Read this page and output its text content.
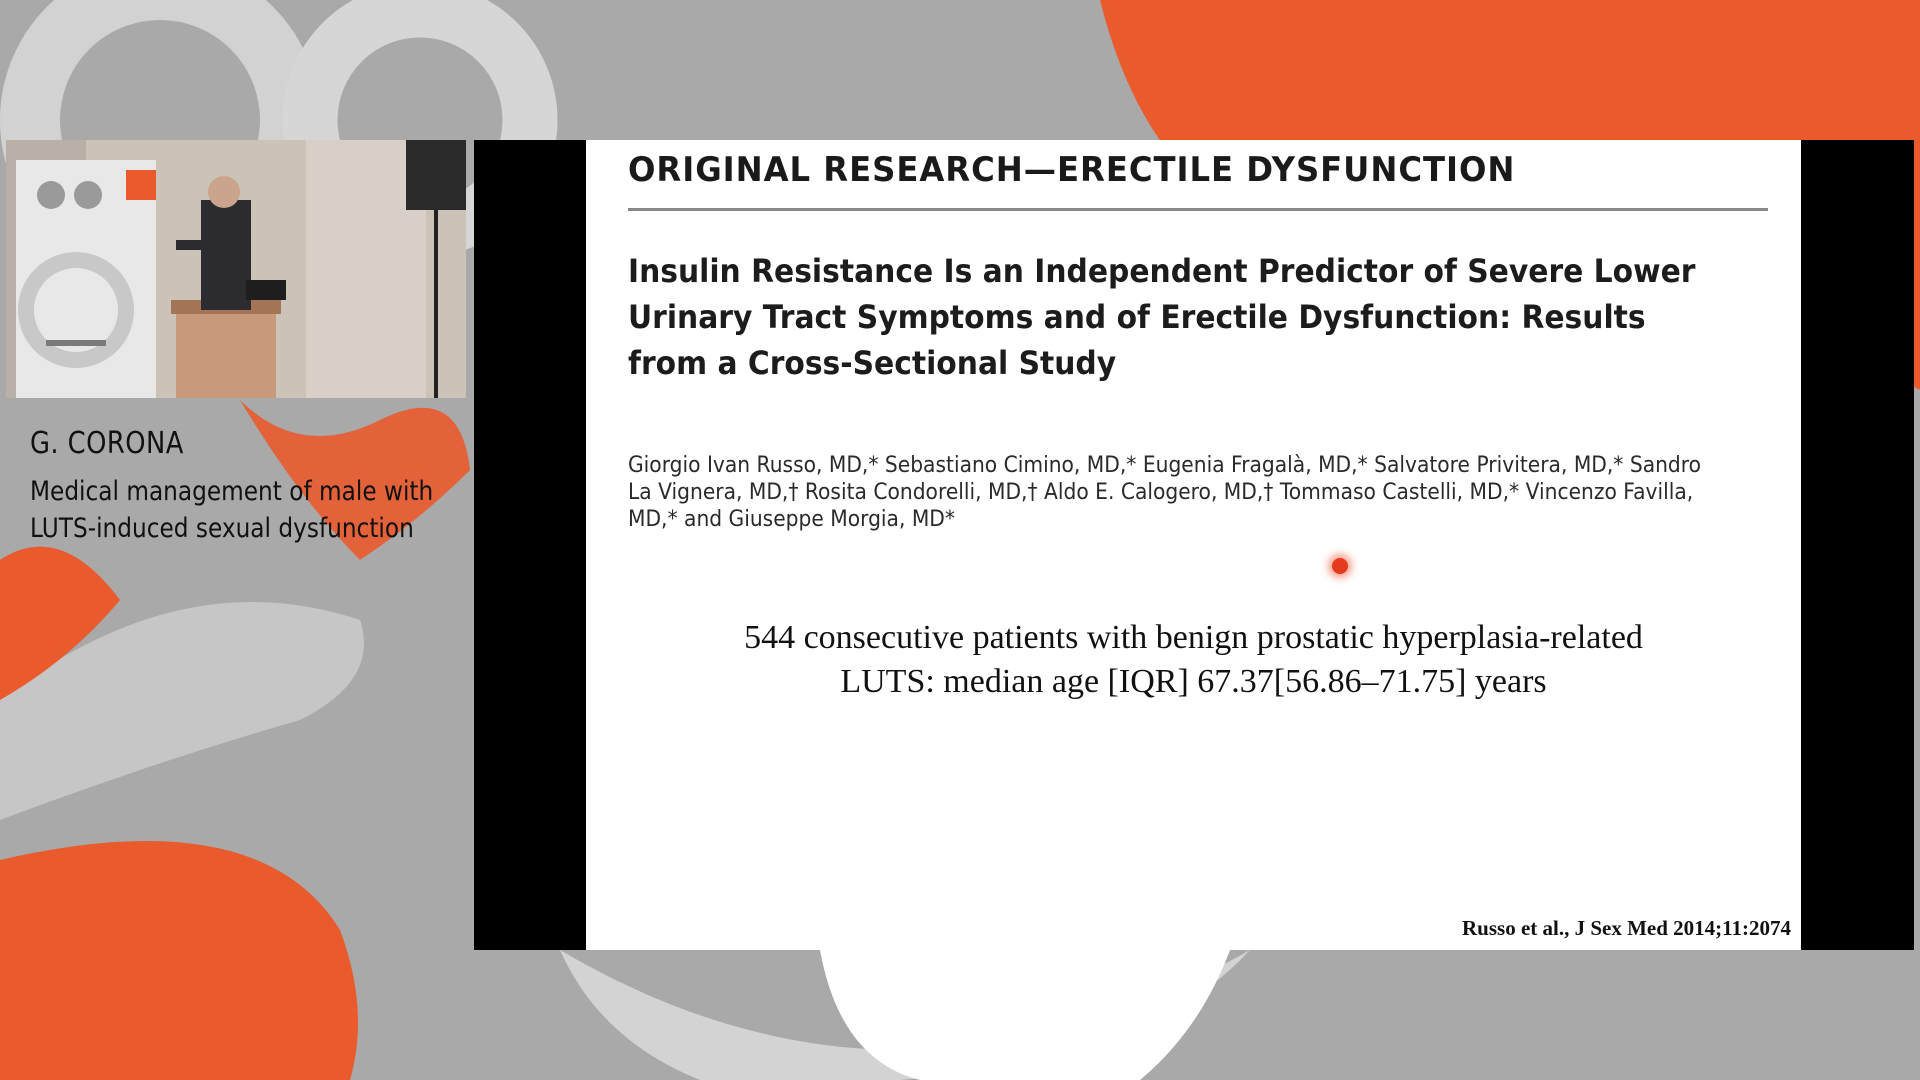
G. CORONA
Medical management of male with LUTS-induced sexual dysfunction
ORIGINAL RESEARCH—ERECTILE DYSFUNCTION
Insulin Resistance Is an Independent Predictor of Severe Lower Urinary Tract Symptoms and of Erectile Dysfunction: Results from a Cross-Sectional Study
Giorgio Ivan Russo, MD,* Sebastiano Cimino, MD,* Eugenia Fragalà, MD,* Salvatore Privitera, MD,* Sandro La Vignera, MD,† Rosita Condorelli, MD,† Aldo E. Calogero, MD,† Tommaso Castelli, MD,* Vincenzo Favilla, MD,* and Giuseppe Morgia, MD*
544 consecutive patients with benign prostatic hyperplasia-related
LUTS: median age [IQR] 67.37[56.86–71.75] years
Russo et al., J Sex Med 2014;11:2074
